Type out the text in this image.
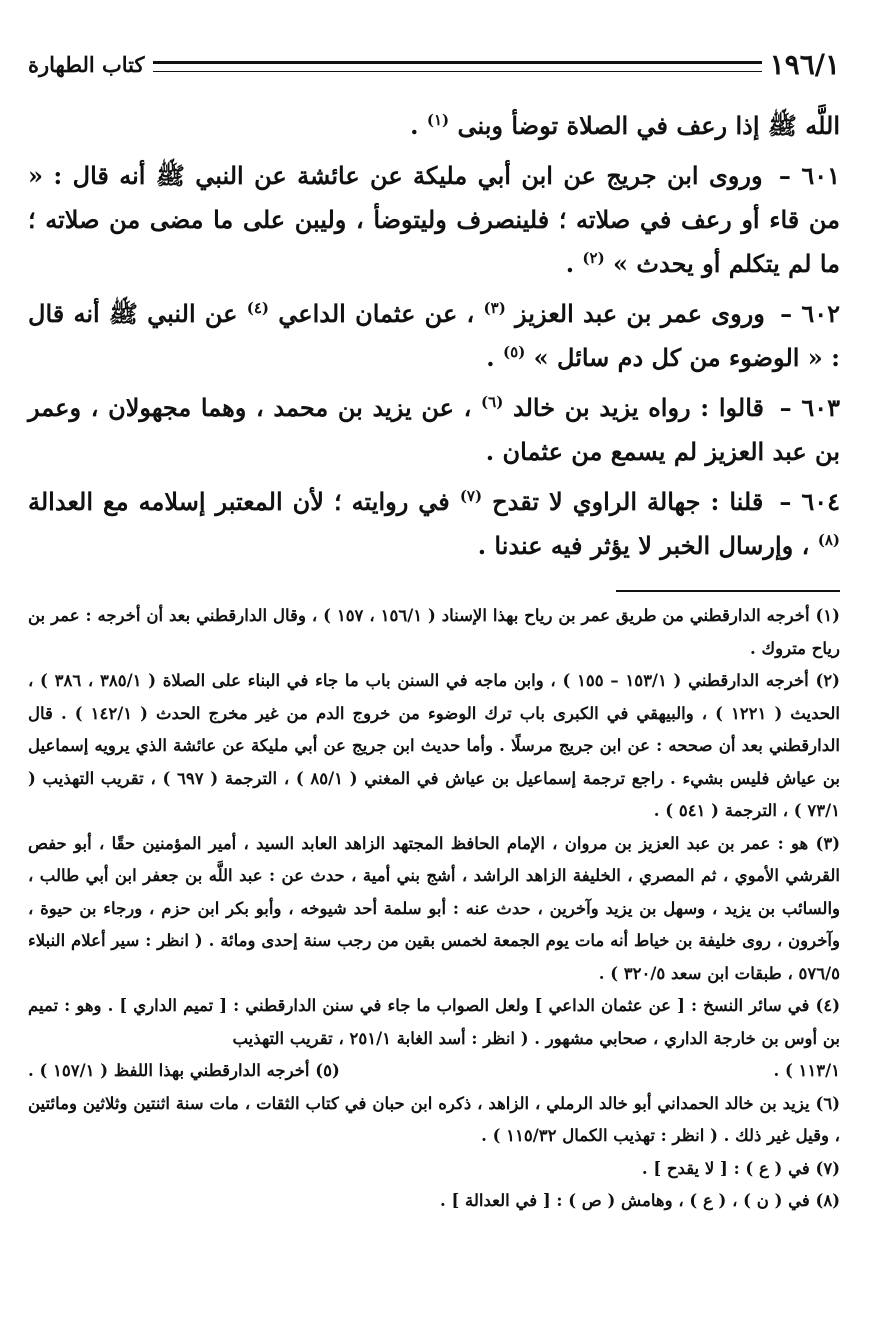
١٩٦/١
كتاب الطهارة

اللَّه ﷺ إذا رعف في الصلاة توضأ وبنى $^{(١)}$ .

٦٠١ – وروى ابن جريج عن ابن أبي مليكة عن عائشة عن النبي ﷺ أنه قال : « من قاء أو رعف في صلاته ؛ فلينصرف وليتوضأ ، وليبن على ما مضى من صلاته ؛ ما لم يتكلم أو يحدث » $^{(٢)}$ .

٦٠٢ – وروى عمر بن عبد العزيز $^{(٣)}$ ، عن عثمان الداعي $^{(٤)}$ عن النبي ﷺ أنه قال : « الوضوء من كل دم سائل » $^{(٥)}$ .

٦٠٣ – قالوا : رواه يزيد بن خالد $^{(٦)}$ ، عن يزيد بن محمد ، وهما مجهولان ، وعمر بن عبد العزيز لم يسمع من عثمان .

٦٠٤ – قلنا : جهالة الراوي لا تقدح $^{(٧)}$ في روايته ؛ لأن المعتبر إسلامه مع العدالة $^{(٨)}$ ، وإرسال الخبر لا يؤثر فيه عندنا .

(١) أخرجه الدارقطني من طريق عمر بن رياح بهذا الإسناد ( ١٥٦/١ ، ١٥٧ ) ، وقال الدارقطني بعد أن أخرجه : عمر بن رياح متروك .

(٢) أخرجه الدارقطني ( ١٥٣/١ – ١٥٥ ) ، وابن ماجه في السنن باب ما جاء في البناء على الصلاة ( ٣٨٥/١ ، ٣٨٦ ) ، الحديث ( ١٢٢١ ) ، والبيهقي في الكبرى باب ترك الوضوء من خروج الدم من غير مخرج الحدث ( ١٤٢/١ ) . قال الدارقطني بعد أن صححه : عن ابن جريج مرسلًا . وأما حديث ابن جريج عن أبي مليكة عن عائشة الذي يرويه إسماعيل بن عياش فليس بشيء . راجع ترجمة إسماعيل بن عياش في المغني ( ٨٥/١ ) ، الترجمة ( ٦٩٧ ) ، تقريب التهذيب ( ٧٣/١ ) ، الترجمة ( ٥٤١ ) .

(٣) هو : عمر بن عبد العزيز بن مروان ، الإمام الحافظ المجتهد الزاهد العابد السيد ، أمير المؤمنين حقًا ، أبو حفص القرشي الأموي ، ثم المصري ، الخليفة الزاهد الراشد ، أشج بني أمية ، حدث عن : عبد اللَّه بن جعفر ابن أبي طالب ، والسائب بن يزيد ، وسهل بن يزيد وآخرين ، حدث عنه : أبو سلمة أحد شيوخه ، وأبو بكر ابن حزم ، ورجاء بن حيوة ، وآخرون ، روى خليفة بن خياط أنه مات يوم الجمعة لخمس بقين من رجب سنة إحدى ومائة . ( انظر : سير أعلام النبلاء ٥٧٦/٥ ، طبقات ابن سعد ٣٢٠/٥ ) .

(٤) في سائر النسخ : [ عن عثمان الداعي ] ولعل الصواب ما جاء في سنن الدارقطني : [ تميم الداري ] . وهو : تميم بن أوس بن خارجة الداري ، صحابي مشهور . ( انظر : أسد الغابة ٢٥١/١ ، تقريب التهذيب

١١٣/١ ) .
(٥) أخرجه الدارقطني بهذا اللفظ ( ١٥٧/١ ) .

(٦) يزيد بن خالد الحمداني أبو خالد الرملي ، الزاهد ، ذكره ابن حبان في كتاب الثقات ، مات سنة اثنتين وثلاثين ومائتين ، وقيل غير ذلك . ( انظر : تهذيب الكمال ١١٥/٣٢ ) .

(٧) في ( ع ) : [ لا يقدح ] .

(٨) في ( ن ) ، ( ع ) ، وهامش ( ص ) : [ في العدالة ] .
